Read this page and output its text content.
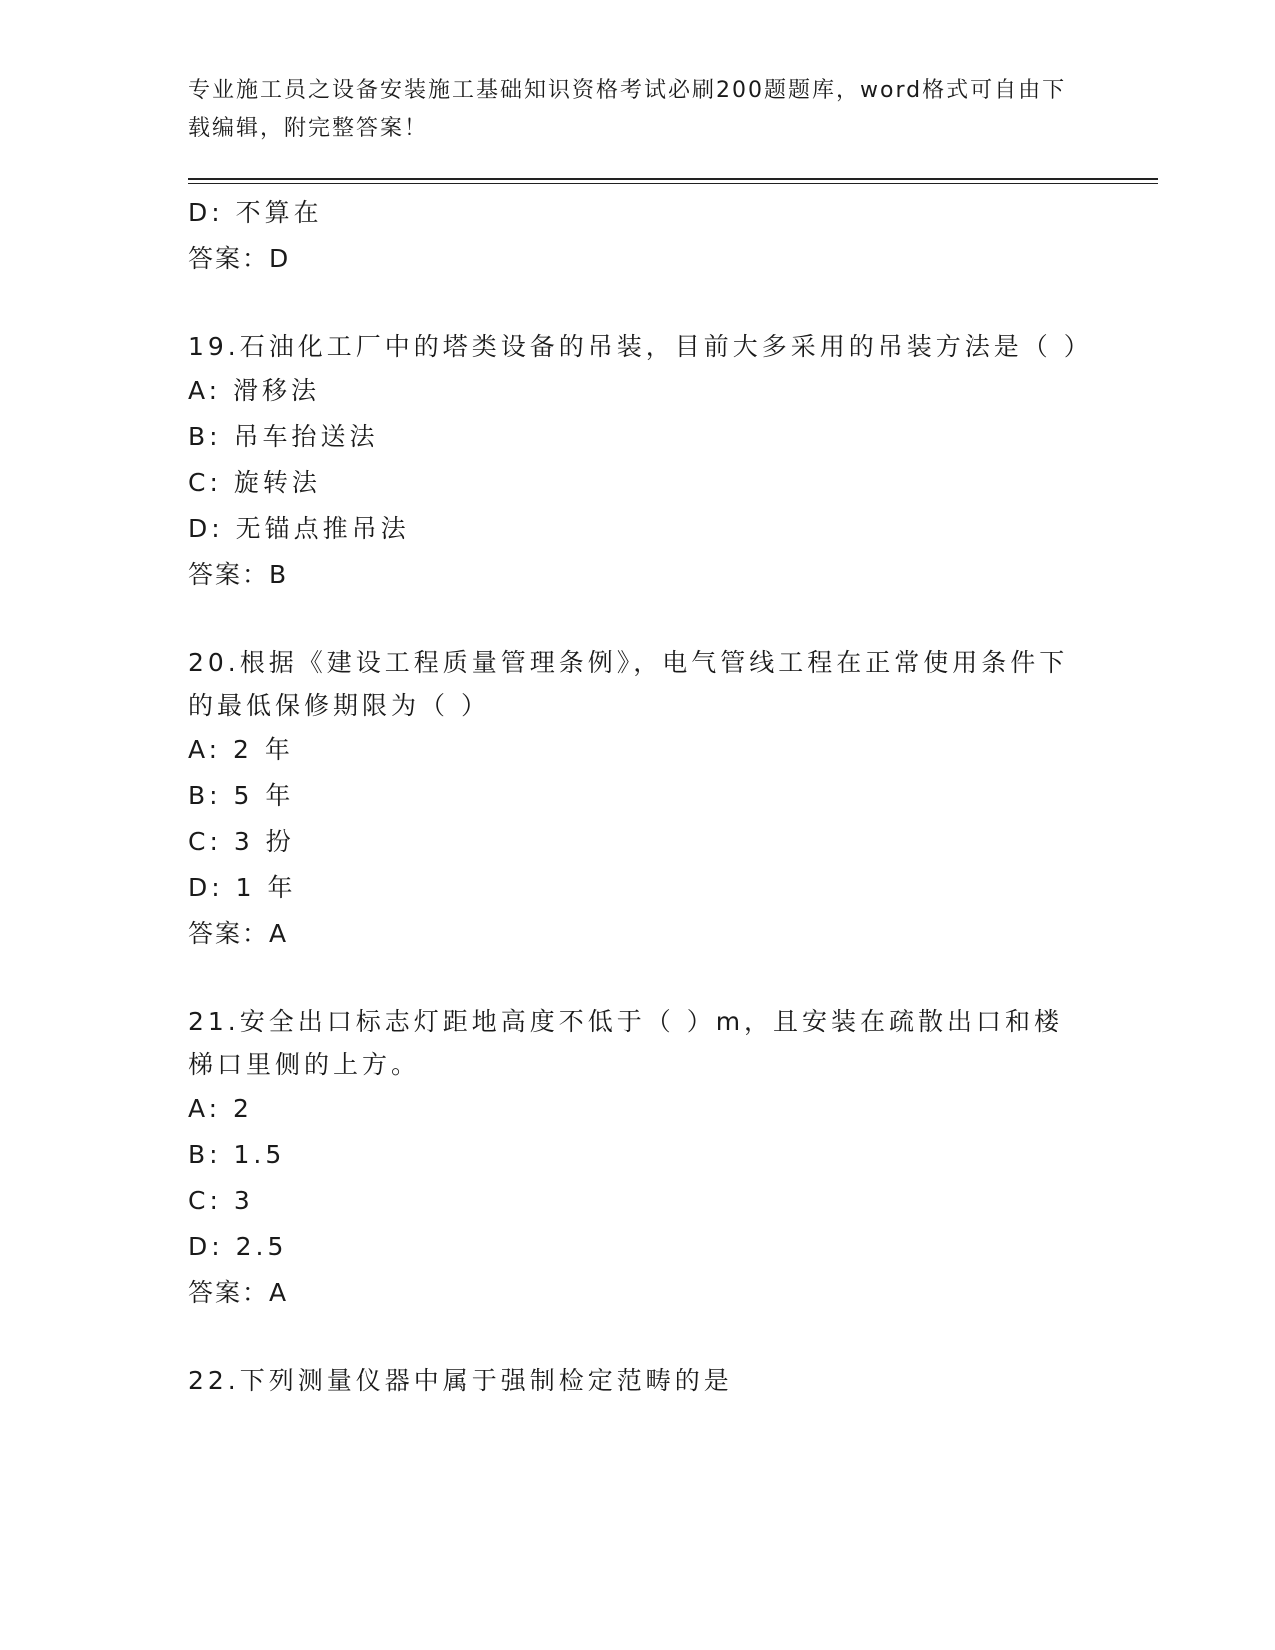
专业施工员之设备安装施工基础知识资格考试必刷200题题库，word格式可自由下载编辑，附完整答案！
D: 不算在
答案：D
19.石油化工厂中的塔类设备的吊装，目前大多采用的吊装方法是（ ）
A: 滑移法
B: 吊车抬送法
C: 旋转法
D: 无锚点推吊法
答案：B
20.根据《建设工程质量管理条例》，电气管线工程在正常使用条件下的最低保修期限为（ ）
A: 2 年
B: 5 年
C: 3 扮
D: 1 年
答案：A
21.安全出口标志灯距地高度不低于（ ）m，且安装在疏散出口和楼梯口里侧的上方。
A: 2
B: 1.5
C: 3
D: 2.5
答案：A
22.下列测量仪器中属于强制检定范畴的是
